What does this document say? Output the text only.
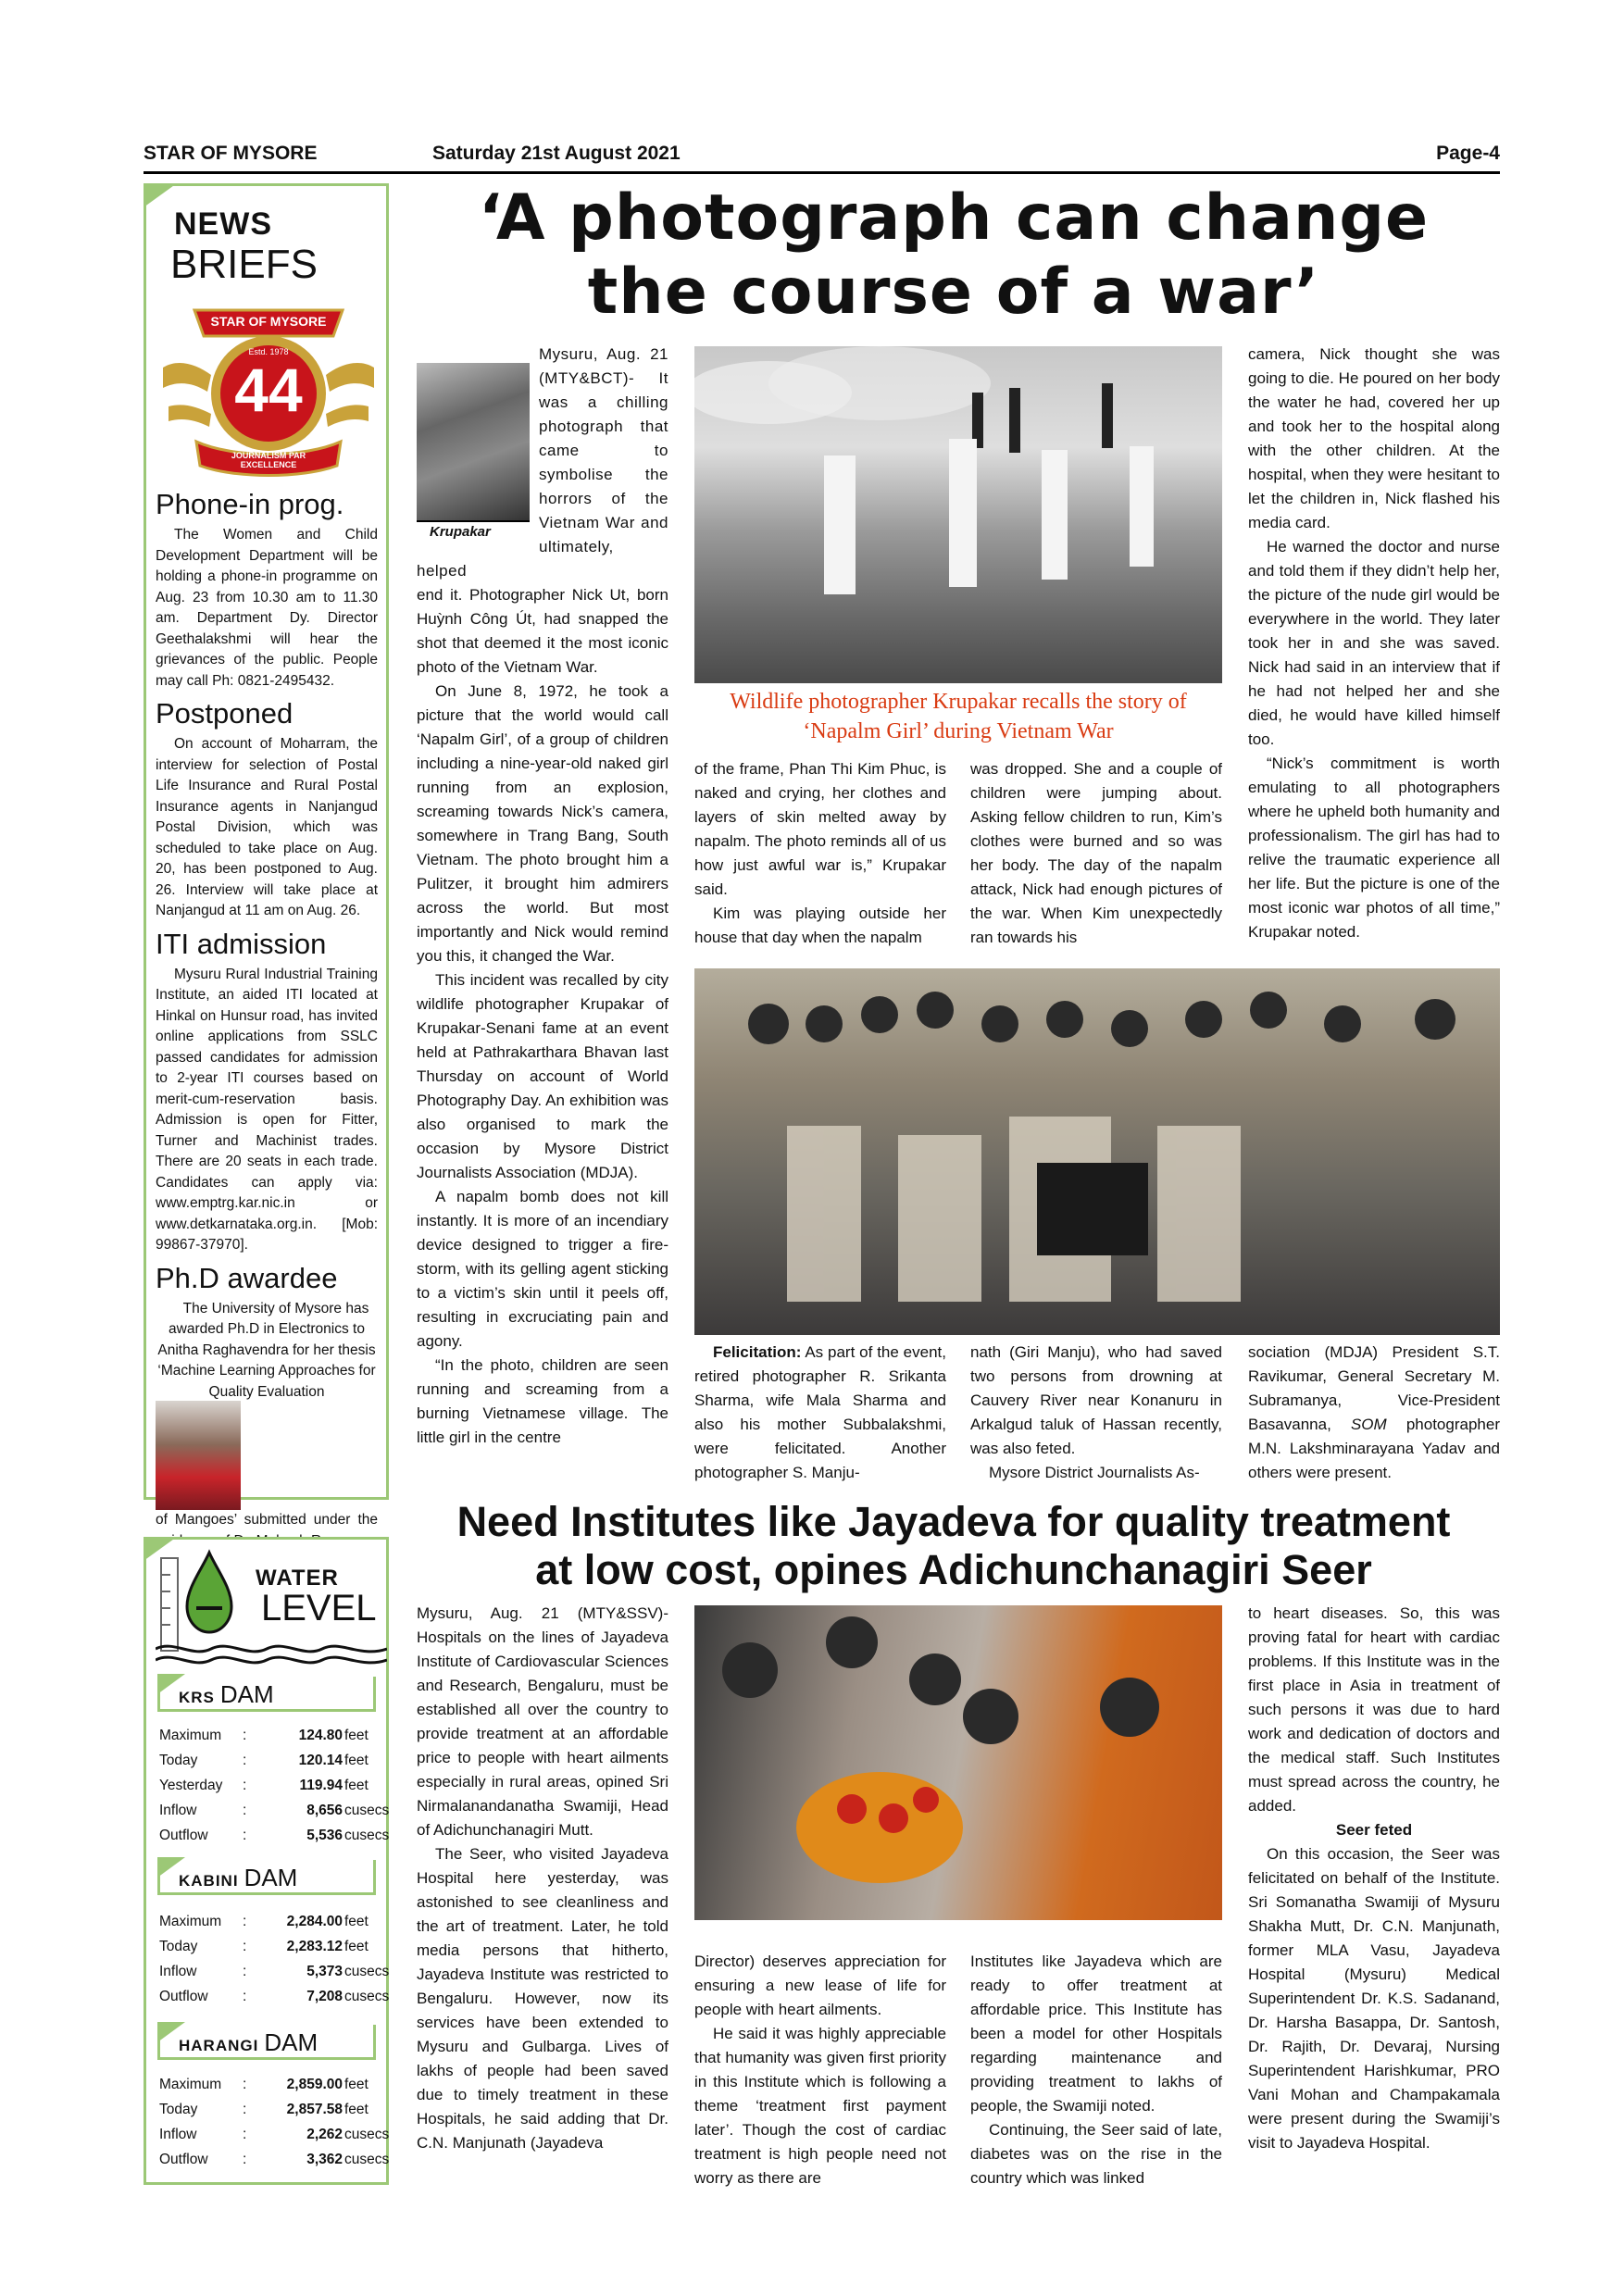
STAR OF MYSORE	Saturday 21st August 2021	Page-4
NEWS
BRIEFS
STAR OF MYSORE
Estd. 1978
44
JOURNALISM PAR EXCELLENCE
Phone-in prog.

The Women and Child Development Department will be holding a phone-in programme on Aug. 23 from 10.30 am to 11.30 am. Department Dy. Director Geethalakshmi will hear the grievances of the public. People may call Ph: 0821-2495432.

Postponed

On account of Moharram, the interview for selection of Postal Life Insurance and Rural Postal Insurance agents in Nanjangud Postal Division, which was scheduled to take place on Aug. 20, has been postponed to Aug. 26. Interview will take place at Nanjangud at 11 am on Aug. 26.

ITI admission

Mysuru Rural Industrial Training Institute, an aided ITI located at Hinkal on Hunsur road, has invited online applications from SSLC passed candidates for admission to 2-year ITI courses based on merit-cum-reservation basis. Admission is open for Fitter, Turner and Machinist trades. There are 20 seats in each trade. Candidates can apply via: www.emptrg.kar.nic.in or www.detkarnataka.org.in. [Mob: 99867-37970].

Ph.D awardee

The University of Mysore has awarded Ph.D in Electronics to Anitha Raghavendra for her thesis ‘Machine Learning Approaches for Quality Evaluation

of Mangoes’ submitted under the

WATER
LEVEL
KRS DAM
Maximum :	124.80 feet
Today	:	120.14 feet
Yesterday :	119.94 feet
Inflow	:	8,656 cusecs
Outflow :	5,536 cusecs
KABINI DAM
Maximum :	2,284.00 feet
Today	:	2,283.12 feet
Inflow	:	5,373 cusecs
Outflow :	7,208 cusecs
HARANGI DAM
Maximum :	2,859.00 feet
Today	:	2,857.58 feet
Inflow	:	2,262 cusecs
Outflow :	3,362 cusecs
‘A photograph can change
the course of a war’
Krupakar

Mysuru, Aug. 21 (MTY&BCT)- It was a chilling photograph that came to symbolise the horrors of the Vietnam War and ultimately, helped

end it. Photographer Nick Ut, born Huỳnh Công Út, had snapped the shot that deemed it the most iconic photo of the Vietnam War.

On June 8, 1972, he took a picture that the world would call ‘Napalm Girl’, of a group of children including a nine-year-old naked girl running from an explosion, screaming towards Nick’s camera, somewhere in Trang Bang, South Vietnam. The photo brought him a Pulitzer, it brought him admirers across the world. But most importantly and Nick would remind you this, it changed the War.

This incident was recalled by city wildlife photographer Krupakar of Krupakar-Senani fame at an event held at Pathrakarthara Bhavan last Thursday on account of World Photography Day. An exhibition was also organised to mark the occasion by Mysore District Journalists Association (MDJA).

A napalm bomb does not kill instantly. It is more of an incendiary device designed to trigger a fire-storm, with its gelling agent sticking to a victim’s skin until it peels off, resulting in excruciating pain and agony.

“In the photo, children are seen running and screaming from a burning Vietnamese village. The little girl in the centre

Wildlife photographer Krupakar recalls the story of ‘Napalm Girl’ during Vietnam War

of the frame, Phan Thi Kim Phuc, is naked and crying, her clothes and layers of skin melted away by napalm. The photo reminds all of us how just awful war is,” Krupakar said.

Kim was playing outside her house that day when the napalm

was dropped. She and a couple of children were jumping about. Asking fellow children to run, Kim’s clothes were burned and so was her body. The day of the napalm attack, Nick had enough pictures of the war. When Kim unexpectedly ran towards his

camera, Nick thought she was going to die. He poured on her body the water he had, covered her up and took her to the hospital along with the other children. At the hospital, when they were hesitant to let the children in, Nick flashed his media card.

He warned the doctor and nurse and told them if they didn’t help her, the picture of the nude girl would be everywhere in the world. They later took her in and she was saved. Nick had said in an interview that if he had not helped her and she died, he would have killed himself too.

“Nick’s commitment is worth emulating to all photographers where he upheld both humanity and professionalism. The girl has had to relive the traumatic experience all her life. But the picture is one of the most iconic war photos of all time,” Krupakar noted.

Felicitation: As part of the event, retired photographer R. Srikanta Sharma, wife Mala Sharma and also his mother Subbalakshmi, were felicitated. Another photographer S. Manju-

nath (Giri Manju), who had saved two persons from drowning at Cauvery River near Konanuru in Arkalgud taluk of Hassan recently, was also feted.

Mysore District Journalists As-

sociation (MDJA) President S.T. Ravikumar, General Secretary M. Subramanya, Vice-President Basavanna, SOM photographer M.N. Lakshminarayana Yadav and others were present.

Need Institutes like Jayadeva for quality treatment
at low cost, opines Adichunchanagiri Seer

Mysuru, Aug. 21 (MTY&SSV)- Hospitals on the lines of Jayadeva Institute of Cardiovascular Sciences and Research, Bengaluru, must be established all over the country to provide treatment at an affordable price to people with heart ailments especially in rural areas, opined Sri Nirmalanandanatha Swamiji, Head of Adichunchanagiri Mutt.

The Seer, who visited Jayadeva Hospital here yesterday, was astonished to see cleanliness and the art of treatment. Later, he told media persons that hitherto, Jayadeva Institute was restricted to Bengaluru. However, now its services have been extended to Mysuru and Gulbarga. Lives of lakhs of people had been saved due to timely treatment in these Hospitals, he said adding that Dr. C.N. Manjunath (Jayadeva

Director) deserves appreciation for ensuring a new lease of life for people with heart ailments.

He said it was highly appreciable that humanity was given first priority in this Institute which is following a theme ‘treatment first payment later’. Though the cost of cardiac treatment is high people need not worry as there are

Institutes like Jayadeva which are ready to offer treatment at affordable price. This Institute has been a model for other Hospitals regarding maintenance and providing treatment to lakhs of people, the Swamiji noted.

Continuing, the Seer said of late, diabetes was on the rise in the country which was linked

to heart diseases. So, this was proving fatal for heart with cardiac problems. If this Institute was in the first place in Asia in treatment of such persons it was due to hard work and dedication of doctors and the medical staff. Such Institutes must spread across the country, he added.

Seer feted

On this occasion, the Seer was felicitated on behalf of the Institute. Sri Somanatha Swamiji of Mysuru Shakha Mutt, Dr. C.N. Manjunath, former MLA Vasu, Jayadeva Hospital (Mysuru) Medical Superintendent Dr. K.S. Sadanand, Dr. Harsha Basappa, Dr. Santosh, Dr. Rajith, Dr. Devaraj, Nursing Superintendent Harishkumar, PRO Vani Mohan and Champakamala were present during the Swamiji’s visit to Jayadeva Hospital.
